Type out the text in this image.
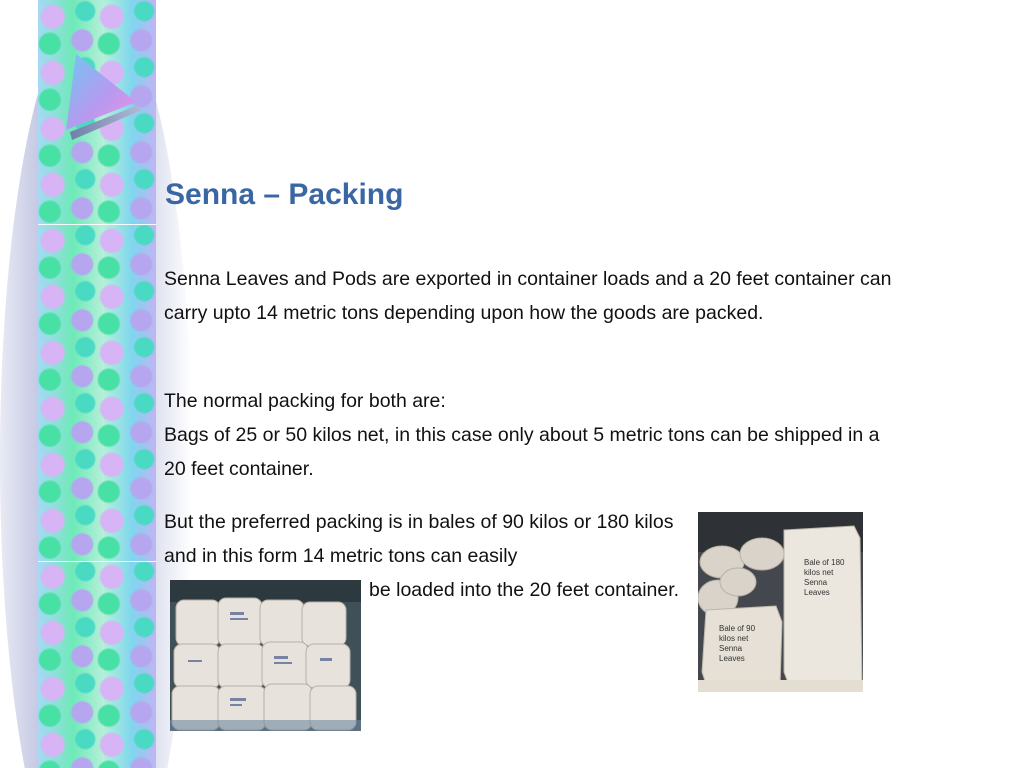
Senna – Packing

Senna Leaves and Pods are exported in container loads and a 20 feet container can carry upto 14 metric tons depending upon how the goods are packed.

The normal packing for both are:
Bags of 25 or 50 kilos net, in this case only about 5 metric tons can be shipped in a 20 feet container.

But the preferred packing is in bales of 90 kilos or 180 kilos and in this form 14 metric tons can easily

be loaded into the 20 feet container.

Bale of 180 kilos net Senna Leaves
Bale of 90 kilos net Senna Leaves
